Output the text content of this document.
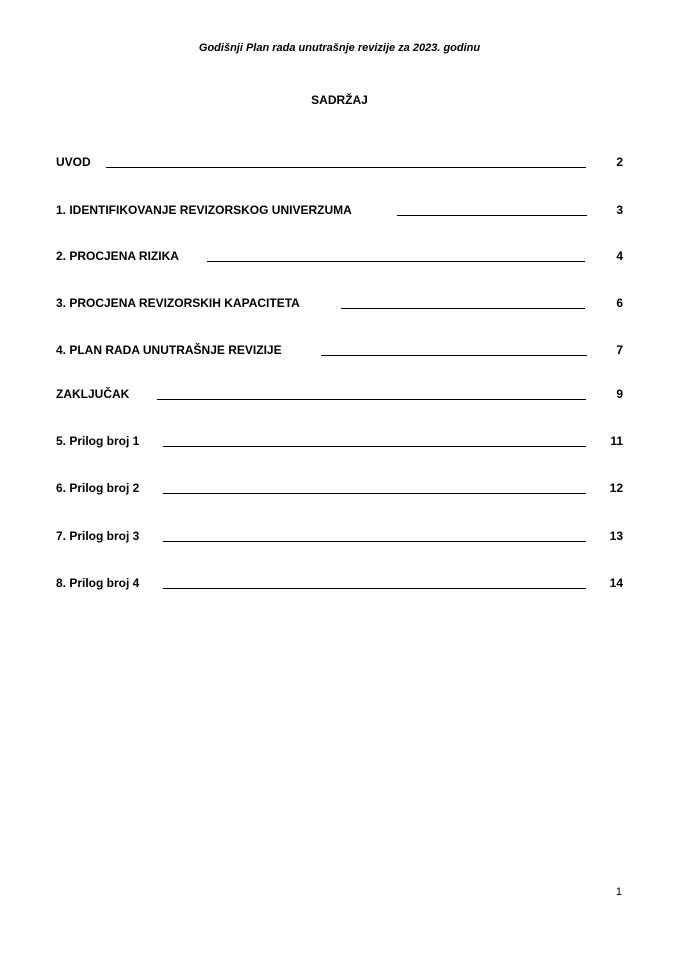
Godišnji Plan rada unutrašnje revizije za 2023. godinu
SADRŽAJ
UVOD	2
1. IDENTIFIKOVANJE REVIZORSKOG UNIVERZUMA	3
2. PROCJENA RIZIKA	4
3. PROCJENA REVIZORSKIH KAPACITETA	6
4. PLAN RADA UNUTRAŠNJE REVIZIJE	7
ZAKLJUČAK	9
5. Prilog broj 1	11
6. Prilog broj 2	12
7. Prilog broj 3	13
8. Prilog broj 4	14
1
